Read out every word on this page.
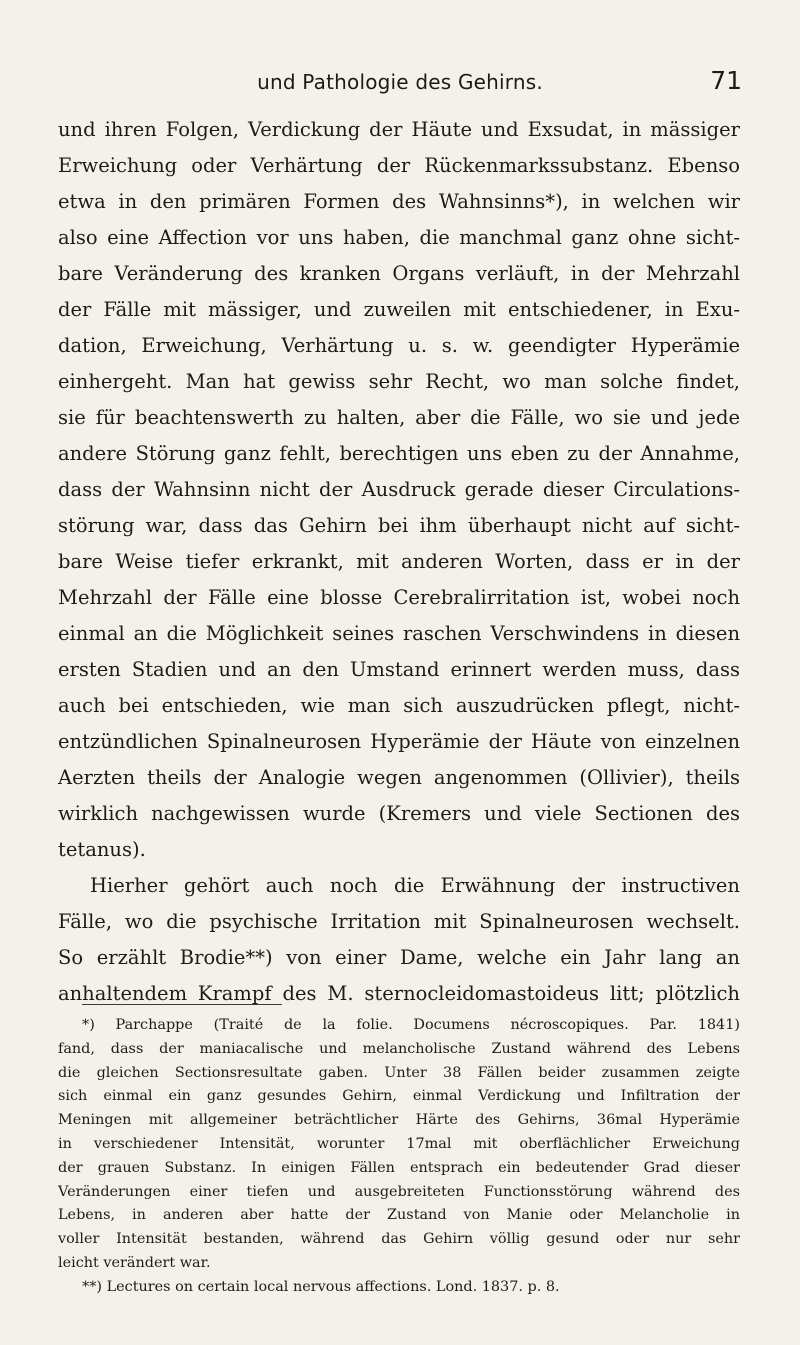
und Pathologie des Gehirns.	71
und ihren Folgen, Verdickung der Häute und Exsudat, in mässiger
Erweichung oder Verhärtung der Rückenmarkssubstanz. Ebenso
etwa in den primären Formen des Wahnsinns*), in welchen wir
also eine Affection vor uns haben, die manchmal ganz ohne sicht-
bare Veränderung des kranken Organs verläuft, in der Mehrzahl
der Fälle mit mässiger, und zuweilen mit entschiedener, in Exu-
dation, Erweichung, Verhärtung u. s. w. geendigter Hyperämie
einhergeht. Man hat gewiss sehr Recht, wo man solche findet,
sie für beachtenswerth zu halten, aber die Fälle, wo sie und jede
andere Störung ganz fehlt, berechtigen uns eben zu der Annahme,
dass der Wahnsinn nicht der Ausdruck gerade dieser Circulations-
störung war, dass das Gehirn bei ihm überhaupt nicht auf sicht-
bare Weise tiefer erkrankt, mit anderen Worten, dass er in der
Mehrzahl der Fälle eine blosse Cerebralirritation ist, wobei noch
einmal an die Möglichkeit seines raschen Verschwindens in diesen
ersten Stadien und an den Umstand erinnert werden muss, dass
auch bei entschieden, wie man sich auszudrücken pflegt, nicht-
entzündlichen Spinalneurosen Hyperämie der Häute von einzelnen
Aerzten theils der Analogie wegen angenommen (Ollivier), theils
wirklich nachgewissen wurde (Kremers und viele Sectionen des
tetanus).
Hierher gehört auch noch die Erwähnung der instructiven
Fälle, wo die psychische Irritation mit Spinalneurosen wechselt.
So erzählt Brodie**) von einer Dame, welche ein Jahr lang an
anhaltendem Krampf des M. sternocleidomastoideus litt; plötzlich
*) Parchappe (Traité de la folie. Documens nécroscopiques. Par. 1841)
fand, dass der maniacalische und melancholische Zustand während des Lebens
die gleichen Sectionsresultate gaben. Unter 38 Fällen beider zusammen zeigte
sich einmal ein ganz gesundes Gehirn, einmal Verdickung und Infiltration der
Meningen mit allgemeiner beträchtlicher Härte des Gehirns, 36mal Hyperämie
in verschiedener Intensität, worunter 17mal mit oberflächlicher Erweichung
der grauen Substanz. In einigen Fällen entsprach ein bedeutender Grad dieser
Veränderungen einer tiefen und ausgebreiteten Functionsstörung während des
Lebens, in anderen aber hatte der Zustand von Manie oder Melancholie in
voller Intensität bestanden, während das Gehirn völlig gesund oder nur sehr
leicht verändert war.
**) Lectures on certain local nervous affections. Lond. 1837. p. 8.
